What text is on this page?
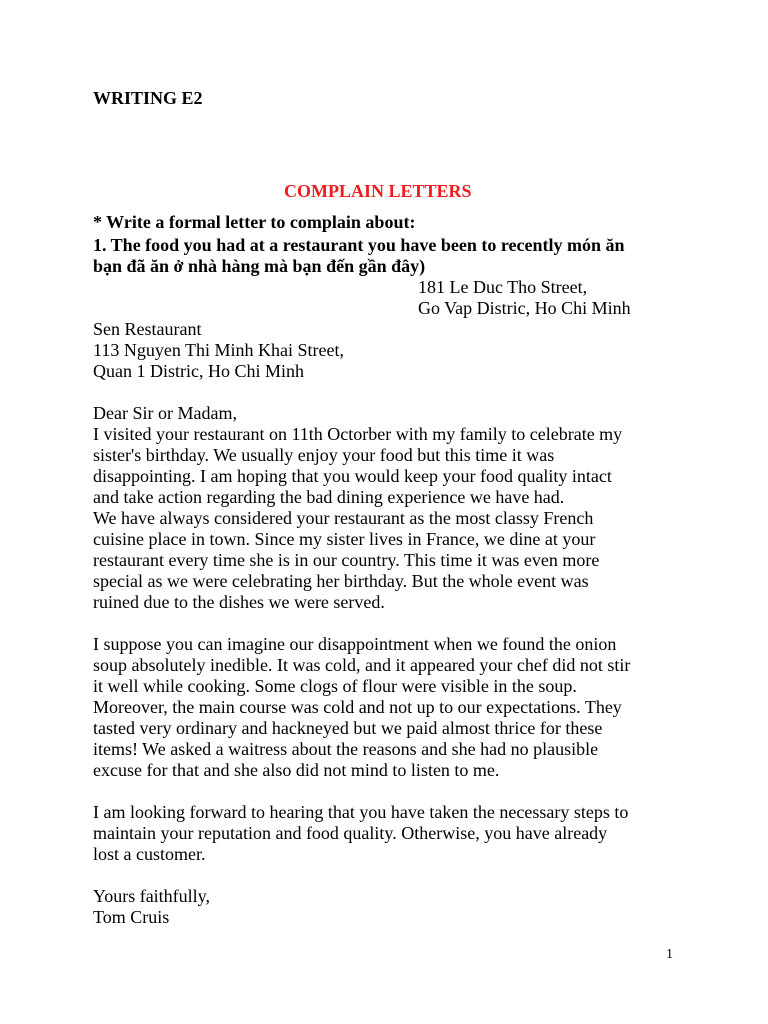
WRITING E2
COMPLAIN LETTERS
* Write a formal letter to complain about:
1. The food you had at a restaurant you have been to recently món ăn
bạn đã ăn ở nhà hàng mà bạn đến gần đây)
181 Le Duc Tho Street,
Go Vap Distric, Ho Chi Minh
Sen Restaurant
113 Nguyen Thi Minh Khai Street,
Quan 1 Distric, Ho Chi Minh
Dear Sir or Madam,
I visited your restaurant on 11th Octorber with my family to celebrate my
sister's birthday. We usually enjoy your food but this time it was
disappointing. I am hoping that you would keep your food quality intact
and take action regarding the bad dining experience we have had.
We have always considered your restaurant as the most classy French
cuisine place in town. Since my sister lives in France, we dine at your
restaurant every time she is in our country. This time it was even more
special as we were celebrating her birthday. But the whole event was
ruined due to the dishes we were served.
I suppose you can imagine our disappointment when we found the onion
soup absolutely inedible. It was cold, and it appeared your chef did not stir
it well while cooking. Some clogs of flour were visible in the soup.
Moreover, the main course was cold and not up to our expectations. They
tasted very ordinary and hackneyed but we paid almost thrice for these
items! We asked a waitress about the reasons and she had no plausible
excuse for that and she also did not mind to listen to me.
I am looking forward to hearing that you have taken the necessary steps to
maintain your reputation and food quality. Otherwise, you have already
lost a customer.
Yours faithfully,
Tom Cruis
1
